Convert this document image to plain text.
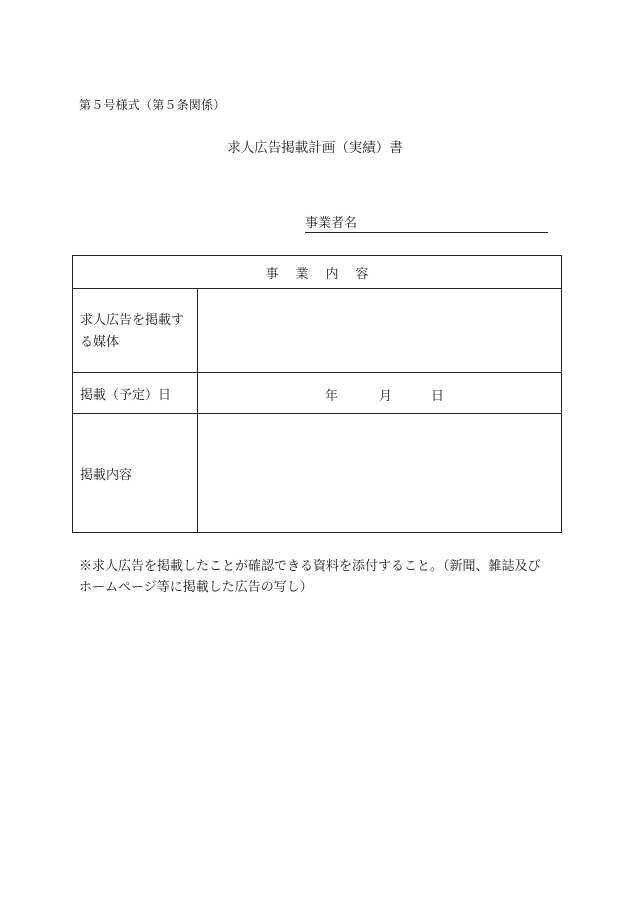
第５号様式（第５条関係）
求人広告掲載計画（実績）書
事業者名
事業内容
求人広告を掲載する媒体
掲載（予定）日	年	月	日
掲載内容
※求人広告を掲載したことが確認できる資料を添付すること。（新聞、雑誌及び
ホームページ等に掲載した広告の写し）
